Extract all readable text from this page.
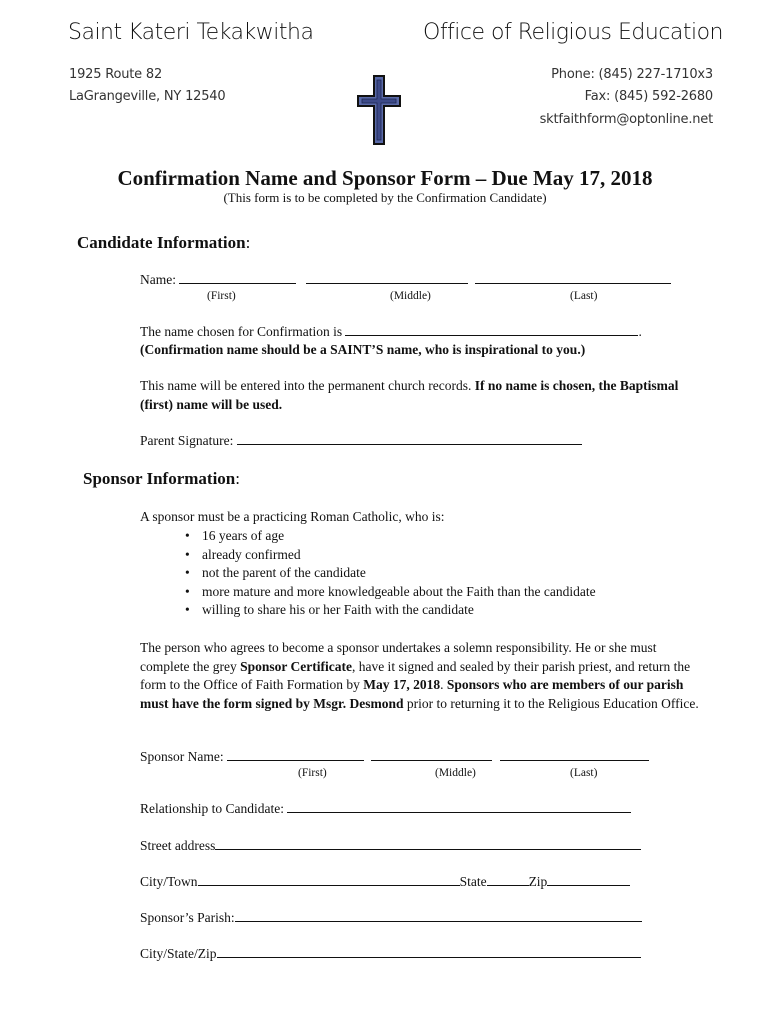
Saint Kateri Tekakwitha	Office of Religious Education
1925 Route 82
LaGrangeville, NY 12540
Phone: (845) 227-1710x3
Fax: (845) 592-2680
sktfaithform@optonline.net
Confirmation Name and Sponsor Form – Due May 17, 2018
(This form is to be completed by the Confirmation Candidate)
Candidate Information:
Name:
(First)	(Middle)	(Last)
The name chosen for Confirmation is	.
(Confirmation name should be a SAINT’S name, who is inspirational to you.)
This name will be entered into the permanent church records. If no name is chosen, the Baptismal (first) name will be used.
Parent Signature:
Sponsor Information:
A sponsor must be a practicing Roman Catholic, who is:
• 16 years of age
• already confirmed
• not the parent of the candidate
• more mature and more knowledgeable about the Faith than the candidate
• willing to share his or her Faith with the candidate
The person who agrees to become a sponsor undertakes a solemn responsibility. He or she must complete the grey Sponsor Certificate, have it signed and sealed by their parish priest, and return the form to the Office of Faith Formation by May 17, 2018. Sponsors who are members of our parish must have the form signed by Msgr. Desmond prior to returning it to the Religious Education Office.
Sponsor Name:
(First)	(Middle)	(Last)
Relationship to Candidate:
Street address
City/Town	State	Zip
Sponsor’s Parish:
City/State/Zip
